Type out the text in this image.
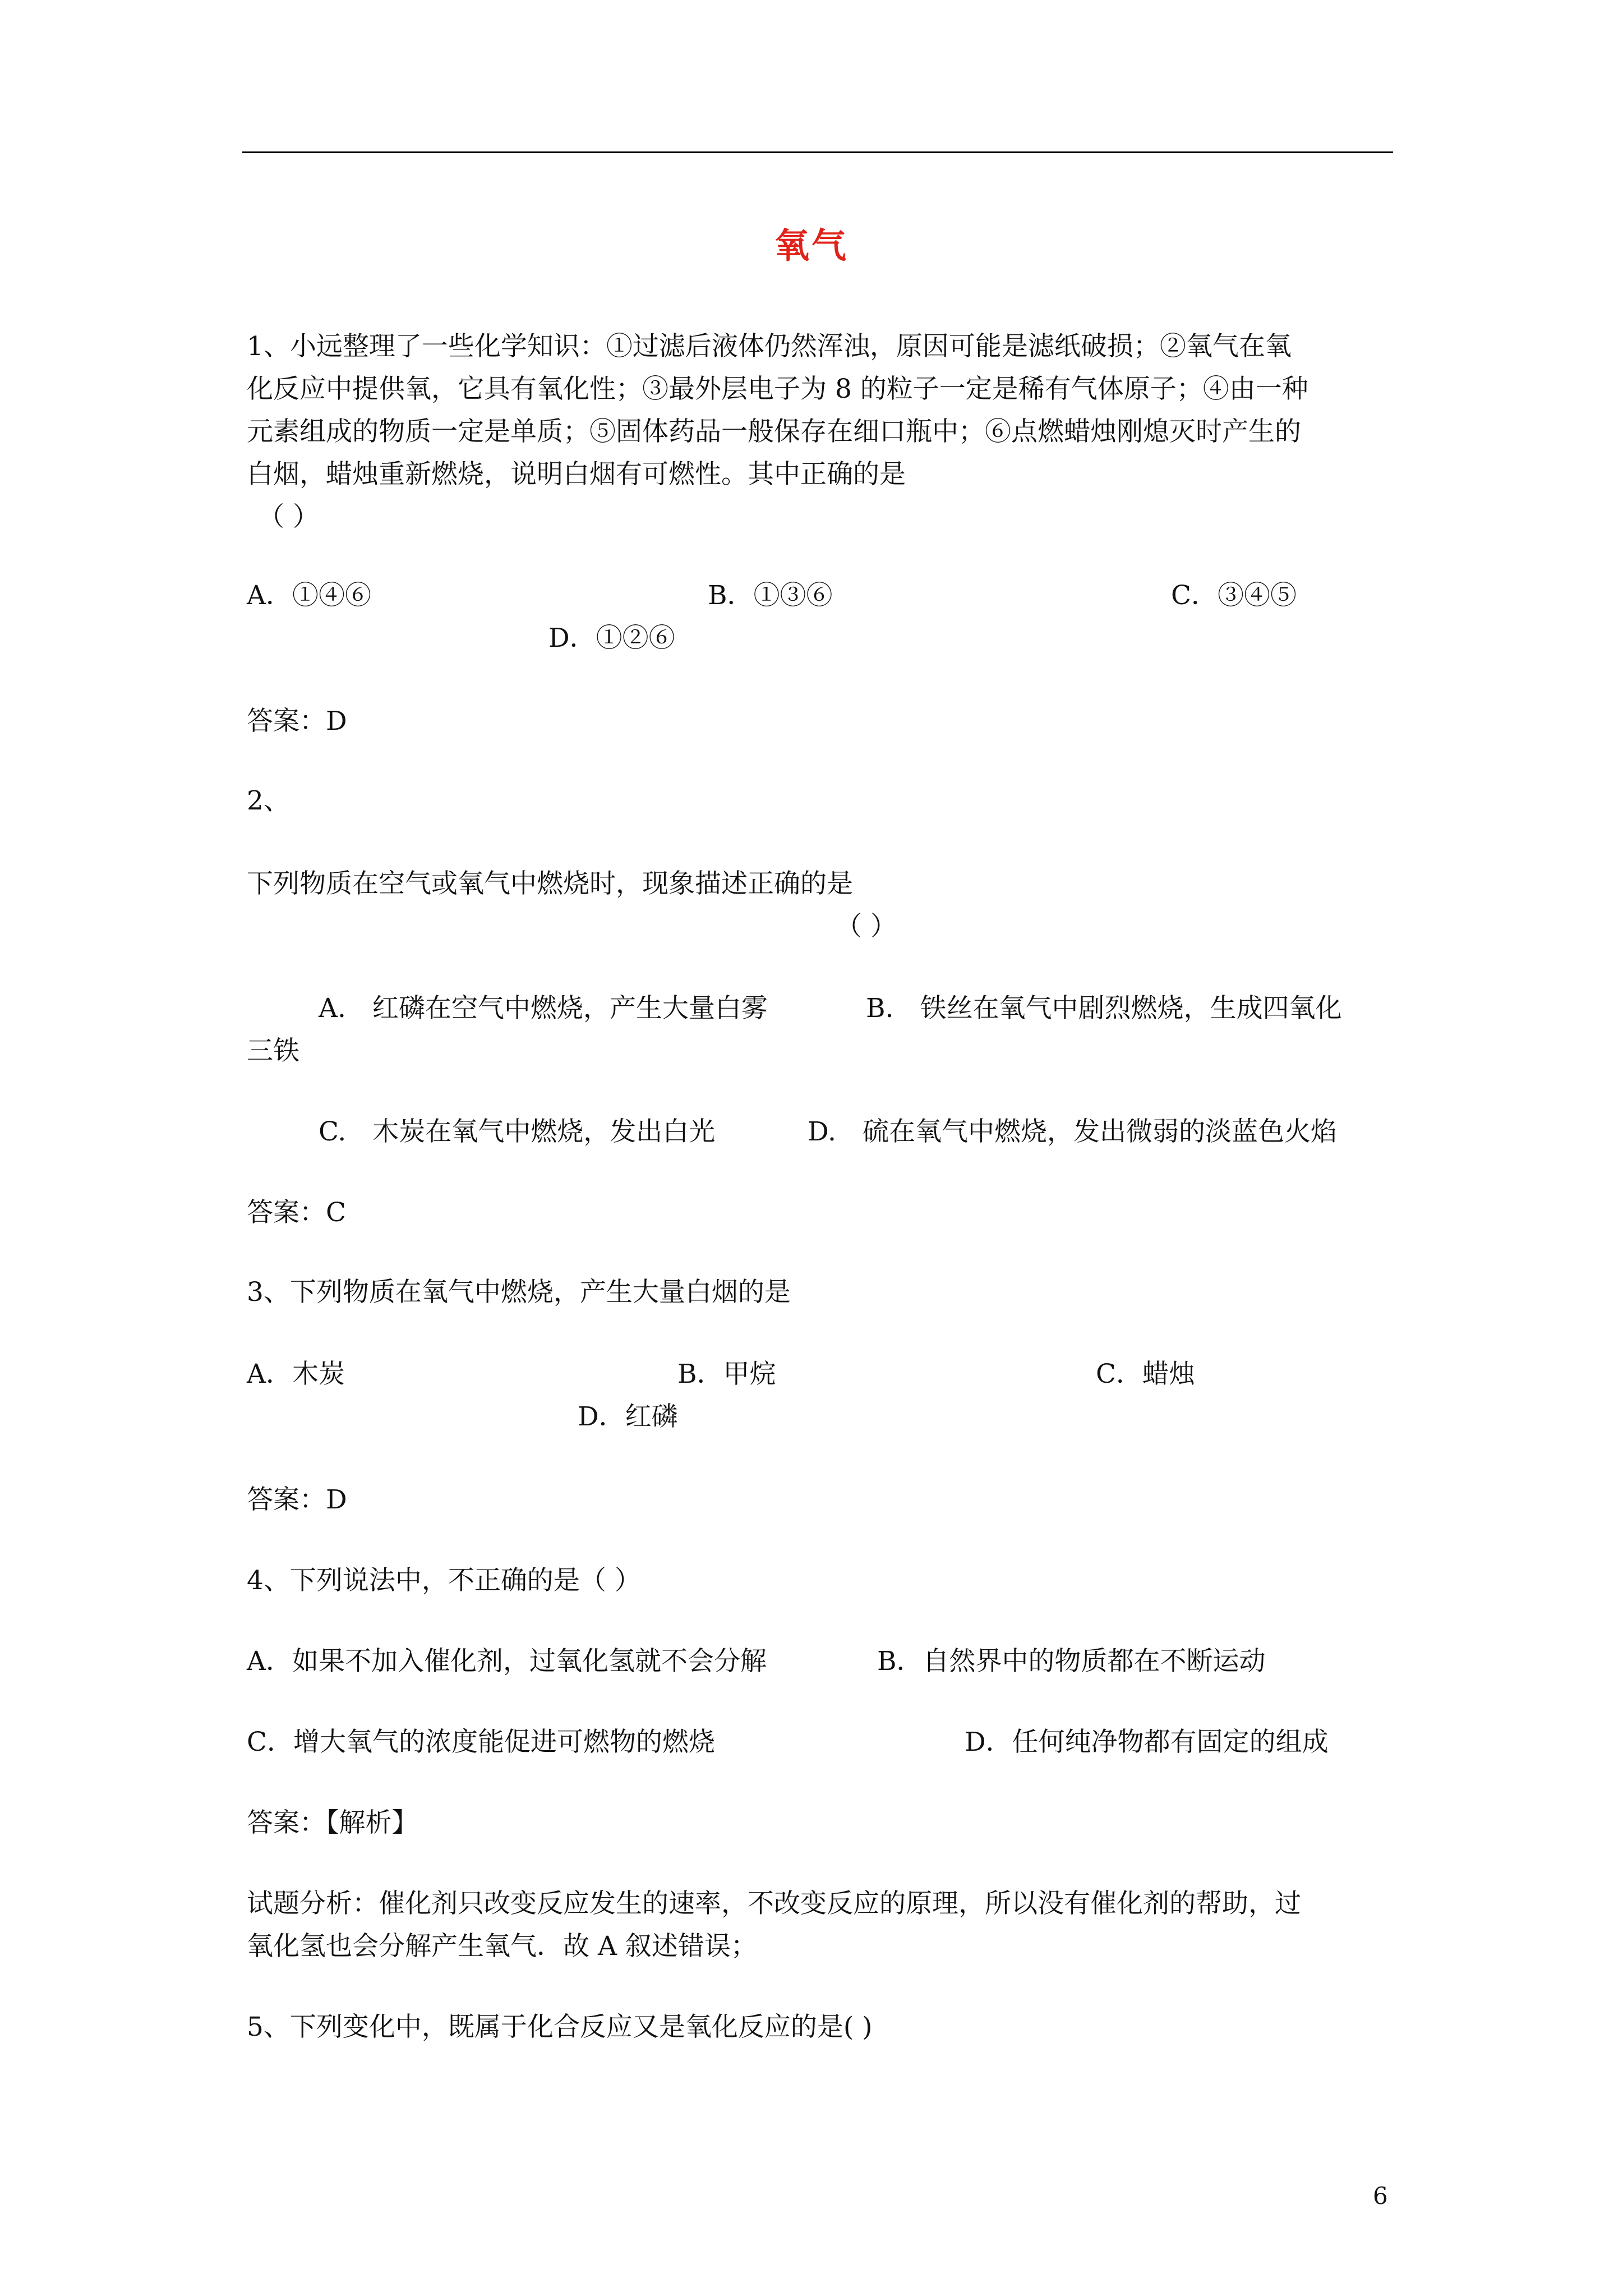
氧气
1、小远整理了一些化学知识：①过滤后液体仍然浑浊，原因可能是滤纸破损；②氧气在氧
化反应中提供氧，它具有氧化性；③最外层电子为 8 的粒子一定是稀有气体原子；④由一种
元素组成的物质一定是单质；⑤固体药品一般保存在细口瓶中；⑥点燃蜡烛刚熄灭时产生的
白烟，蜡烛重新燃烧，说明白烟有可燃性。其中正确的是
（ ）
A．①④⑥	B．①③⑥	C．③④⑤
D．①②⑥
答案：D
2、
下列物质在空气或氧气中燃烧时，现象描述正确的是
（ ）
A.　红磷在空气中燃烧，产生大量白雾	B.　铁丝在氧气中剧烈燃烧，生成四氧化
三铁
C.　木炭在氧气中燃烧，发出白光	D.　硫在氧气中燃烧，发出微弱的淡蓝色火焰
答案：C
3、下列物质在氧气中燃烧，产生大量白烟的是
A．木炭	B．甲烷	C．蜡烛
D．红磷
答案：D
4、下列说法中，不正确的是（ ）
A．如果不加入催化剂，过氧化氢就不会分解	B．自然界中的物质都在不断运动
C．增大氧气的浓度能促进可燃物的燃烧	D．任何纯净物都有固定的组成
答案：【解析】
试题分析：催化剂只改变反应发生的速率，不改变反应的原理，所以没有催化剂的帮助，过
氧化氢也会分解产生氧气．故 A 叙述错误；
5、下列变化中，既属于化合反应又是氧化反应的是( )
6
